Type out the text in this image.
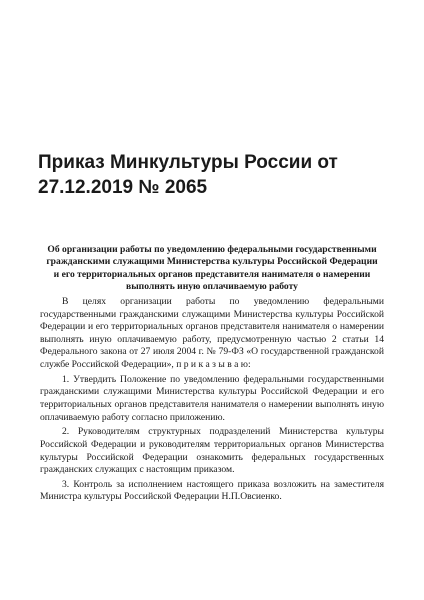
Приказ Минкультуры России от 27.12.2019 № 2065
Об организации работы по уведомлению федеральными государственными гражданскими служащими Министерства культуры Российской Федерации и его территориальных органов представителя нанимателя о намерении выполнять иную оплачиваемую работу

В целях организации работы по уведомлению федеральными государственными гражданскими служащими Министерства культуры Российской Федерации и его территориальных органов представителя нанимателя о намерении выполнять иную оплачиваемую работу, предусмотренную частью 2 статьи 14 Федерального закона от 27 июля 2004 г. № 79-ФЗ «О государственной гражданской службе Российской Федерации», п р и к а з ы в а ю:

1. Утвердить Положение по уведомлению федеральными государственными гражданскими служащими Министерства культуры Российской Федерации и его территориальных органов представителя нанимателя о намерении выполнять иную оплачиваемую работу согласно приложению.

2. Руководителям структурных подразделений Министерства культуры Российской Федерации и руководителям территориальных органов Министерства культуры Российской Федерации ознакомить федеральных государственных гражданских служащих с настоящим приказом.

3. Контроль за исполнением настоящего приказа возложить на заместителя Министра культуры Российской Федерации Н.П.Овсиенко.
